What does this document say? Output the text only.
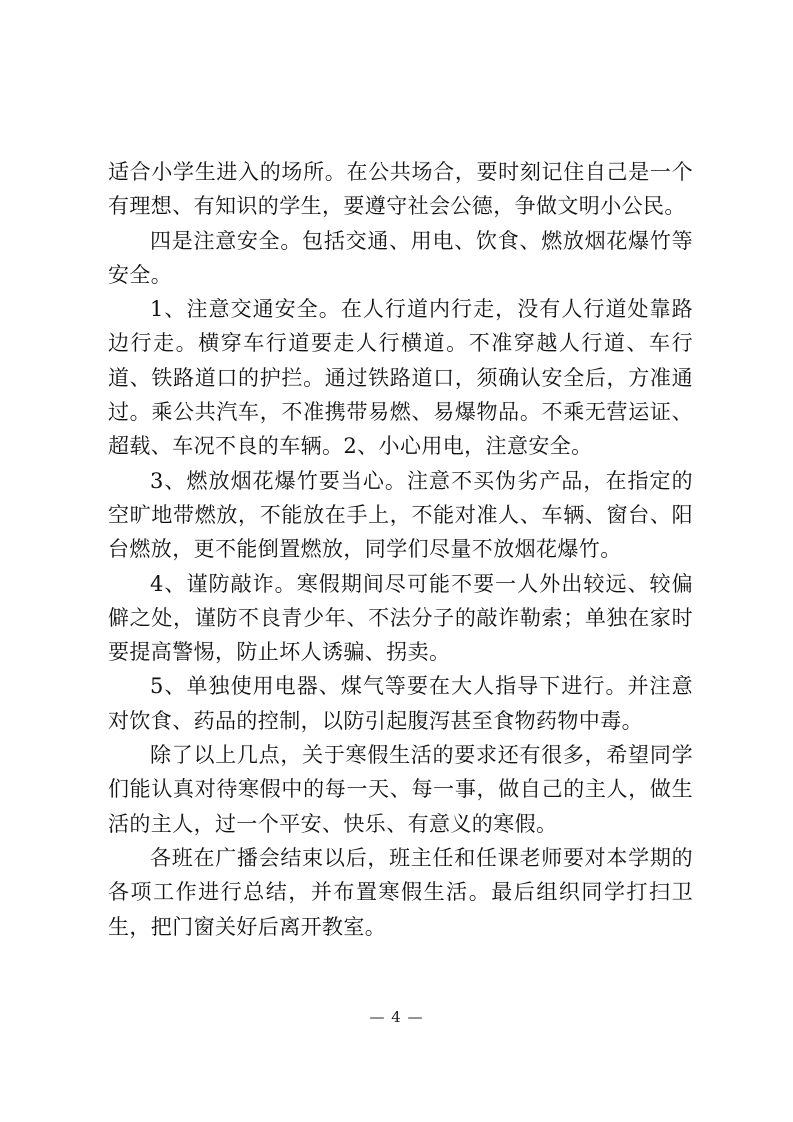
适合小学生进入的场所。在公共场合，要时刻记住自己是一个有理想、有知识的学生，要遵守社会公德，争做文明小公民。

四是注意安全。包括交通、用电、饮食、燃放烟花爆竹等安全。

1、注意交通安全。在人行道内行走，没有人行道处靠路边行走。横穿车行道要走人行横道。不准穿越人行道、车行道、铁路道口的护拦。通过铁路道口，须确认安全后，方准通过。乘公共汽车，不准携带易燃、易爆物品。不乘无营运证、超载、车况不良的车辆。2、小心用电，注意安全。

3、燃放烟花爆竹要当心。注意不买伪劣产品，在指定的空旷地带燃放，不能放在手上，不能对准人、车辆、窗台、阳台燃放，更不能倒置燃放，同学们尽量不放烟花爆竹。

4、谨防敲诈。寒假期间尽可能不要一人外出较远、较偏僻之处，谨防不良青少年、不法分子的敲诈勒索；单独在家时要提高警惕，防止坏人诱骗、拐卖。

5、单独使用电器、煤气等要在大人指导下进行。并注意对饮食、药品的控制，以防引起腹泻甚至食物药物中毒。

除了以上几点，关于寒假生活的要求还有很多，希望同学们能认真对待寒假中的每一天、每一事，做自己的主人，做生活的主人，过一个平安、快乐、有意义的寒假。

各班在广播会结束以后，班主任和任课老师要对本学期的各项工作进行总结，并布置寒假生活。最后组织同学打扫卫生，把门窗关好后离开教室。

— 4 —
